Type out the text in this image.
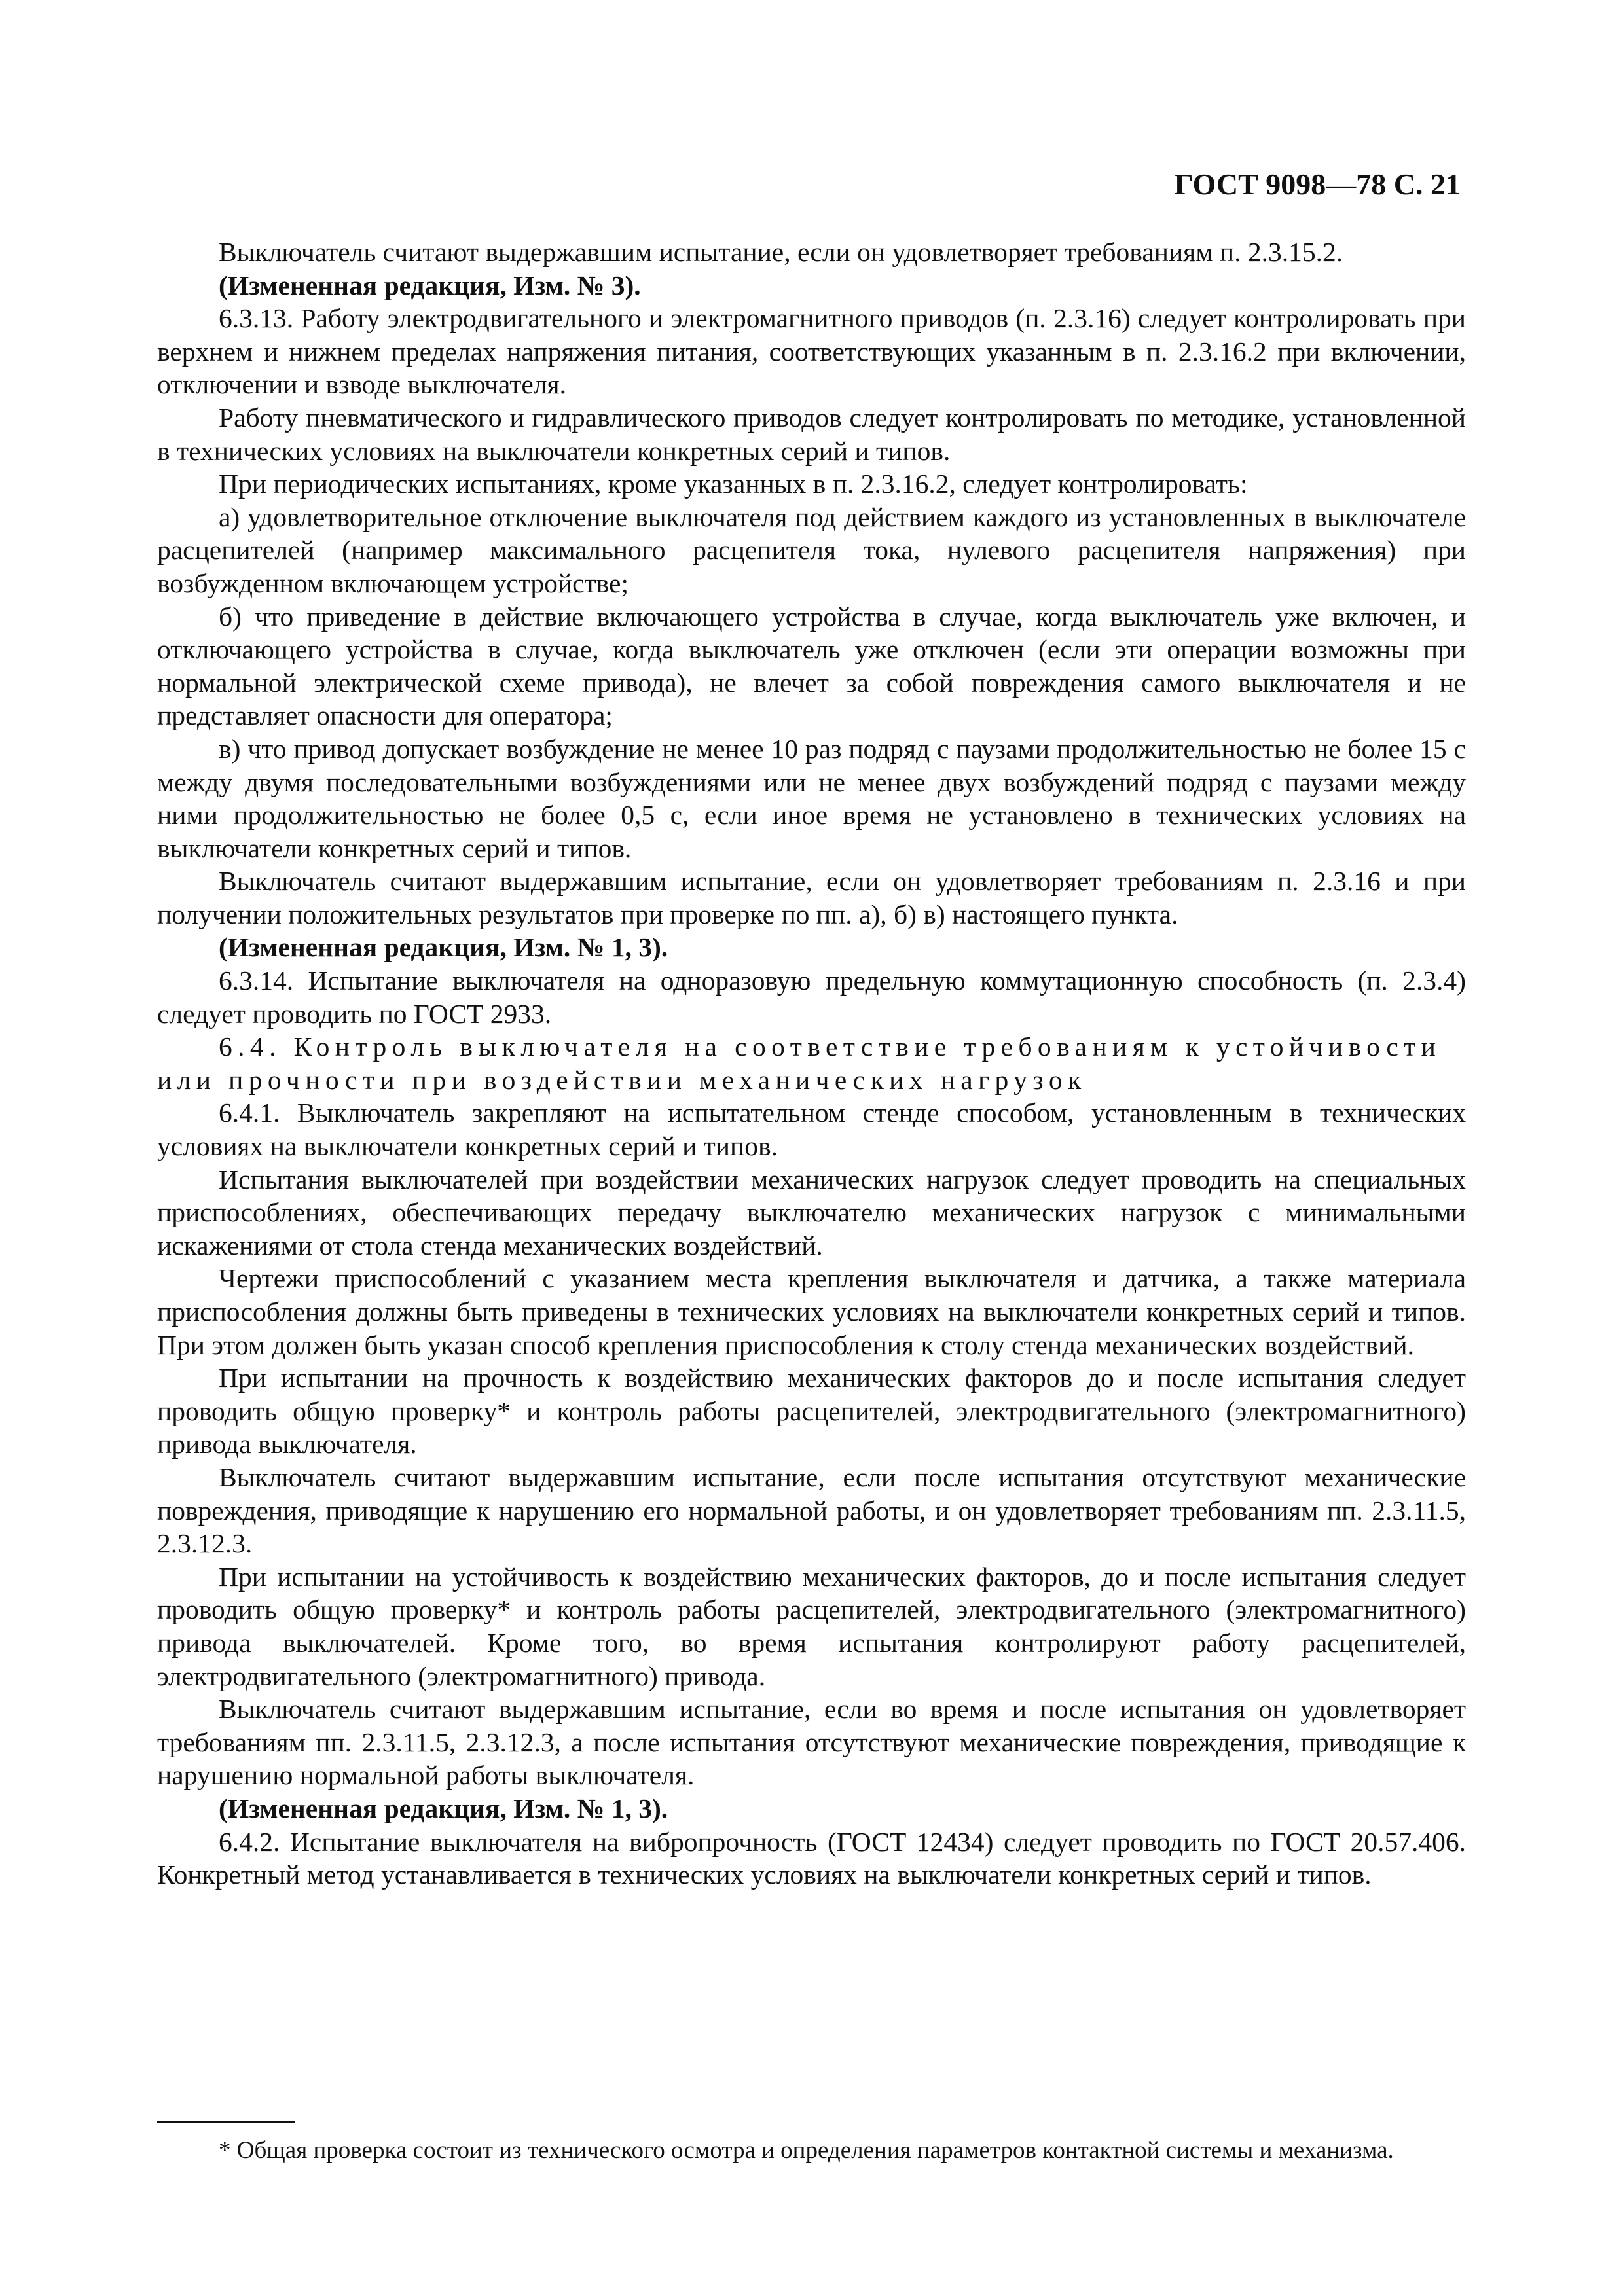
ГОСТ 9098—78 С. 21

Выключатель считают выдержавшим испытание, если он удовлетворяет требованиям п. 2.3.15.2.

(Измененная редакция, Изм. № 3).

6.3.13. Работу электродвигательного и электромагнитного приводов (п. 2.3.16) следует контролировать при верхнем и нижнем пределах напряжения питания, соответствующих указанным в п. 2.3.16.2 при включении, отключении и взводе выключателя.

Работу пневматического и гидравлического приводов следует контролировать по методике, установленной в технических условиях на выключатели конкретных серий и типов.

При периодических испытаниях, кроме указанных в п. 2.3.16.2, следует контролировать:

а) удовлетворительное отключение выключателя под действием каждого из установленных в выключателе расцепителей (например максимального расцепителя тока, нулевого расцепителя напряжения) при возбужденном включающем устройстве;

б) что приведение в действие включающего устройства в случае, когда выключатель уже включен, и отключающего устройства в случае, когда выключатель уже отключен (если эти операции возможны при нормальной электрической схеме привода), не влечет за собой повреждения самого выключателя и не представляет опасности для оператора;

в) что привод допускает возбуждение не менее 10 раз подряд с паузами продолжительностью не более 15 с между двумя последовательными возбуждениями или не менее двух возбуждений подряд с паузами между ними продолжительностью не более 0,5 с, если иное время не установлено в технических условиях на выключатели конкретных серий и типов.

Выключатель считают выдержавшим испытание, если он удовлетворяет требованиям п. 2.3.16 и при получении положительных результатов при проверке по пп. а), б) в) настоящего пункта.

(Измененная редакция, Изм. № 1, 3).

6.3.14. Испытание выключателя на одноразовую предельную коммутационную способность (п. 2.3.4) следует проводить по ГОСТ 2933.

6.4. Контроль выключателя на соответствие требованиям к устойчивости или прочности при воздействии механических нагрузок

6.4.1. Выключатель закрепляют на испытательном стенде способом, установленным в технических условиях на выключатели конкретных серий и типов.

Испытания выключателей при воздействии механических нагрузок следует проводить на специальных приспособлениях, обеспечивающих передачу выключателю механических нагрузок с минимальными искажениями от стола стенда механических воздействий.

Чертежи приспособлений с указанием места крепления выключателя и датчика, а также материала приспособления должны быть приведены в технических условиях на выключатели конкретных серий и типов. При этом должен быть указан способ крепления приспособления к столу стенда механических воздействий.

При испытании на прочность к воздействию механических факторов до и после испытания следует проводить общую проверку* и контроль работы расцепителей, электродвигательного (электромагнитного) привода выключателя.

Выключатель считают выдержавшим испытание, если после испытания отсутствуют механические повреждения, приводящие к нарушению его нормальной работы, и он удовлетворяет требованиям пп. 2.3.11.5, 2.3.12.3.

При испытании на устойчивость к воздействию механических факторов, до и после испытания следует проводить общую проверку* и контроль работы расцепителей, электродвигательного (электромагнитного) привода выключателей. Кроме того, во время испытания контролируют работу расцепителей, электродвигательного (электромагнитного) привода.

Выключатель считают выдержавшим испытание, если во время и после испытания он удовлетворяет требованиям пп. 2.3.11.5, 2.3.12.3, а после испытания отсутствуют механические повреждения, приводящие к нарушению нормальной работы выключателя.

(Измененная редакция, Изм. № 1, 3).

6.4.2. Испытание выключателя на вибропрочность (ГОСТ 12434) следует проводить по ГОСТ 20.57.406. Конкретный метод устанавливается в технических условиях на выключатели конкретных серий и типов.

* Общая проверка состоит из технического осмотра и определения параметров контактной системы и механизма.
